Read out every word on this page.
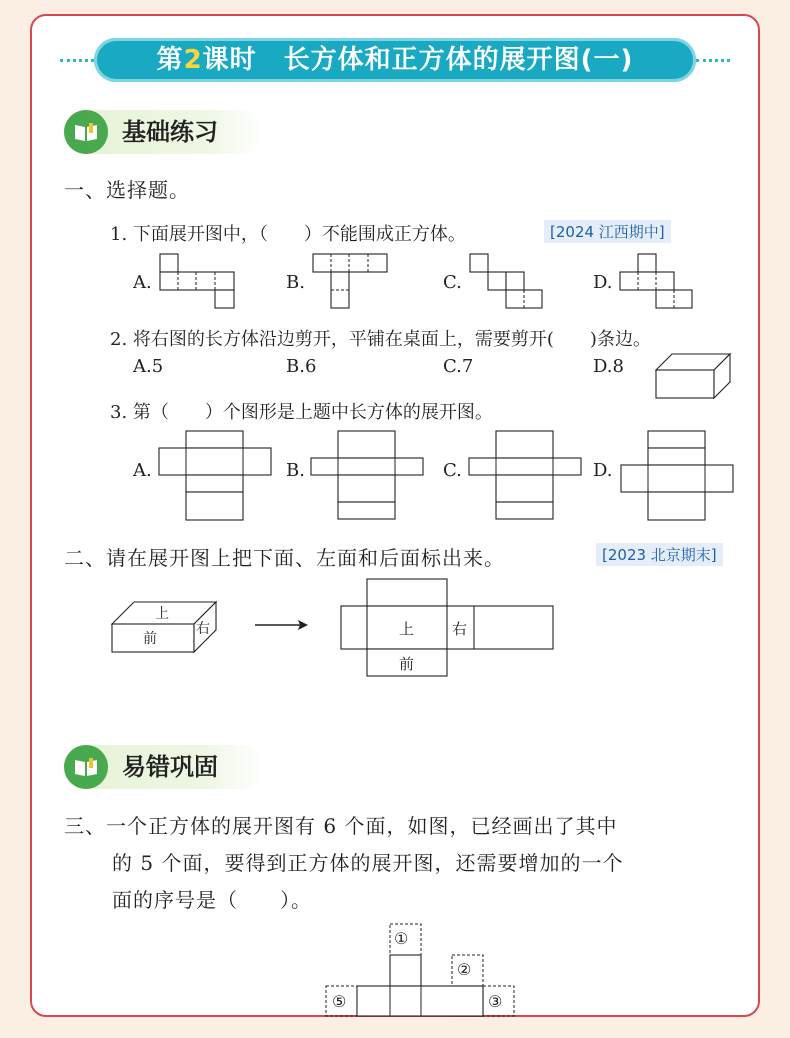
第2课时　长方体和正方体的展开图(一)
基础练习
一、选择题。
1. 下面展开图中，（　　）不能围成正方体。	[2024 江西期中]
A.	B.	C.	D.
2. 将右图的长方体沿边剪开，平铺在桌面上，需要剪开(　　)条边。
A.5	B.6	C.7	D.8
3. 第（　　）个图形是上题中长方体的展开图。
A.	B.	C.	D.
二、请在展开图上把下面、左面和后面标出来。	[2023 北京期末]
上
前
右	上	右
前
易错巩固
三、一个正方体的展开图有 6 个面，如图，已经画出了其中
的 5 个面，要得到正方体的展开图，还需要增加的一个
面的序号是（　　）。
①
②
③
⑤
